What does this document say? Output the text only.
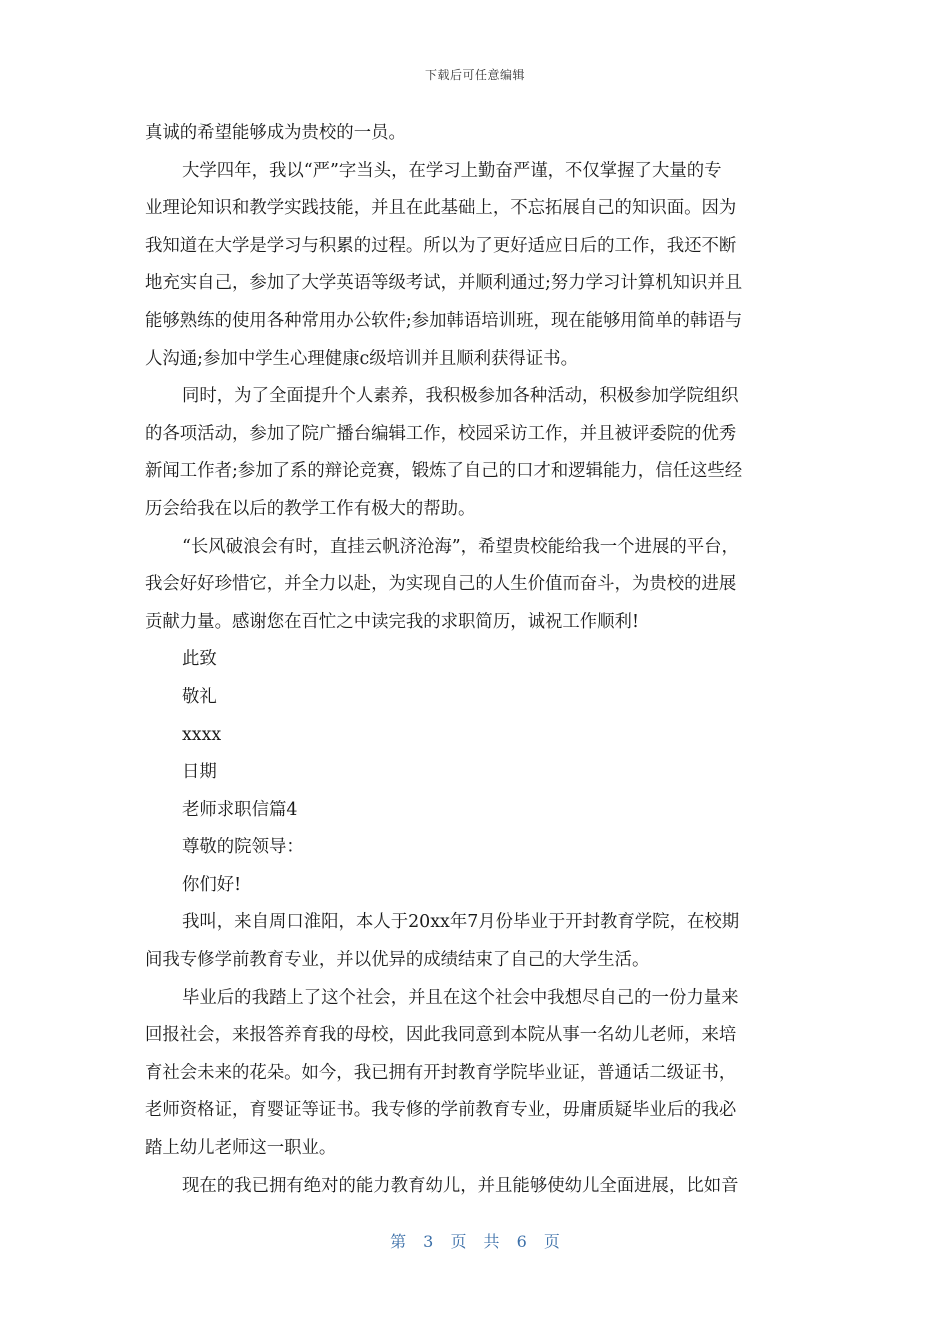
下载后可任意编辑
真诚的希望能够成为贵校的一员。
大学四年，我以“严”字当头，在学习上勤奋严谨，不仅掌握了大量的专
业理论知识和教学实践技能，并且在此基础上，不忘拓展自己的知识面。因为
我知道在大学是学习与积累的过程。所以为了更好适应日后的工作，我还不断
地充实自己，参加了大学英语等级考试，并顺利通过;努力学习计算机知识并且
能够熟练的使用各种常用办公软件;参加韩语培训班，现在能够用简单的韩语与
人沟通;参加中学生心理健康c级培训并且顺利获得证书。
同时，为了全面提升个人素养，我积极参加各种活动，积极参加学院组织
的各项活动，参加了院广播台编辑工作，校园采访工作，并且被评委院的优秀
新闻工作者;参加了系的辩论竞赛，锻炼了自己的口才和逻辑能力，信任这些经
历会给我在以后的教学工作有极大的帮助。
“长风破浪会有时，直挂云帆济沧海”，希望贵校能给我一个进展的平台，
我会好好珍惜它，并全力以赴，为实现自己的人生价值而奋斗，为贵校的进展
贡献力量。感谢您在百忙之中读完我的求职简历，诚祝工作顺利!
此致
敬礼
xxxx
日期
老师求职信篇4
尊敬的院领导：
你们好!
我叫，来自周口淮阳，本人于20xx年7月份毕业于开封教育学院，在校期
间我专修学前教育专业，并以优异的成绩结束了自己的大学生活。
毕业后的我踏上了这个社会，并且在这个社会中我想尽自己的一份力量来
回报社会，来报答养育我的母校，因此我同意到本院从事一名幼儿老师，来培
育社会未来的花朵。如今，我已拥有开封教育学院毕业证，普通话二级证书，
老师资格证，育婴证等证书。我专修的学前教育专业，毋庸质疑毕业后的我必
踏上幼儿老师这一职业。
现在的我已拥有绝对的能力教育幼儿，并且能够使幼儿全面进展，比如音
第 3 页 共 6 页
